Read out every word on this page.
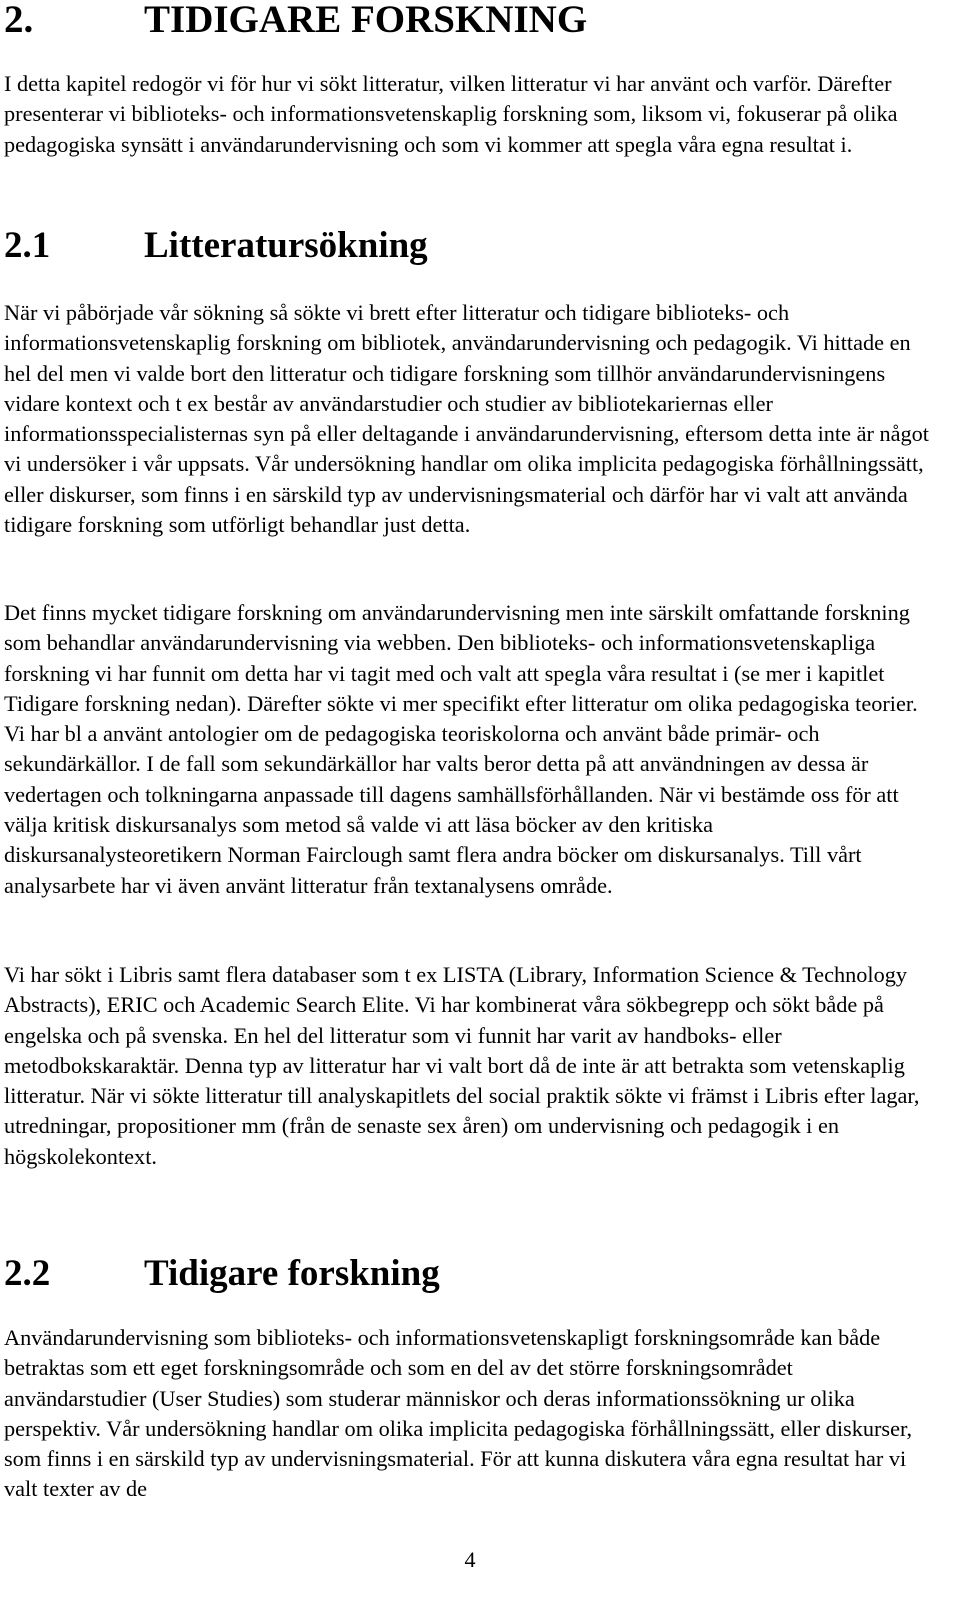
2.	TIDIGARE FORSKNING

I detta kapitel redogör vi för hur vi sökt litteratur, vilken litteratur vi har använt och varför. Därefter presenterar vi biblioteks- och informationsvetenskaplig forskning som, liksom vi, fokuserar på olika pedagogiska synsätt i användarundervisning och som vi kommer att spegla våra egna resultat i.

2.1	Litteratursökning

När vi påbörjade vår sökning så sökte vi brett efter litteratur och tidigare biblioteks- och informationsvetenskaplig forskning om bibliotek, användarundervisning och pedagogik. Vi hittade en hel del men vi valde bort den litteratur och tidigare forskning som tillhör användarundervisningens vidare kontext och t ex består av användarstudier och studier av bibliotekariernas eller informationsspecialisternas syn på eller deltagande i användarundervisning, eftersom detta inte är något vi undersöker i vår uppsats. Vår undersökning handlar om olika implicita pedagogiska förhållningssätt, eller diskurser, som finns i en särskild typ av undervisningsmaterial och därför har vi valt att använda tidigare forskning som utförligt behandlar just detta.

Det finns mycket tidigare forskning om användarundervisning men inte särskilt omfattande forskning som behandlar användarundervisning via webben. Den biblioteks- och informationsvetenskapliga forskning vi har funnit om detta har vi tagit med och valt att spegla våra resultat i (se mer i kapitlet Tidigare forskning nedan). Därefter sökte vi mer specifikt efter litteratur om olika pedagogiska teorier. Vi har bl a använt antologier om de pedagogiska teoriskolorna och använt både primär- och sekundärkällor. I de fall som sekundärkällor har valts beror detta på att användningen av dessa är vedertagen och tolkningarna anpassade till dagens samhällsförhållanden. När vi bestämde oss för att välja kritisk diskursanalys som metod så valde vi att läsa böcker av den kritiska diskursanalysteoretikern Norman Fairclough samt flera andra böcker om diskursanalys. Till vårt analysarbete har vi även använt litteratur från textanalysens område.

Vi har sökt i Libris samt flera databaser som t ex LISTA (Library, Information Science & Technology Abstracts), ERIC och Academic Search Elite. Vi har kombinerat våra sökbegrepp och sökt både på engelska och på svenska. En hel del litteratur som vi funnit har varit av handboks- eller metodbokskaraktär. Denna typ av litteratur har vi valt bort då de inte är att betrakta som vetenskaplig litteratur. När vi sökte litteratur till analyskapitlets del social praktik sökte vi främst i Libris efter lagar, utredningar, propositioner mm (från de senaste sex åren) om undervisning och pedagogik i en högskolekontext.

2.2	Tidigare forskning

Användarundervisning som biblioteks- och informationsvetenskapligt forskningsområde kan både betraktas som ett eget forskningsområde och som en del av det större forskningsområdet användarstudier (User Studies) som studerar människor och deras informationssökning ur olika perspektiv. Vår undersökning handlar om olika implicita pedagogiska förhållningssätt, eller diskurser, som finns i en särskild typ av undervisningsmaterial. För att kunna diskutera våra egna resultat har vi valt texter av de

4
